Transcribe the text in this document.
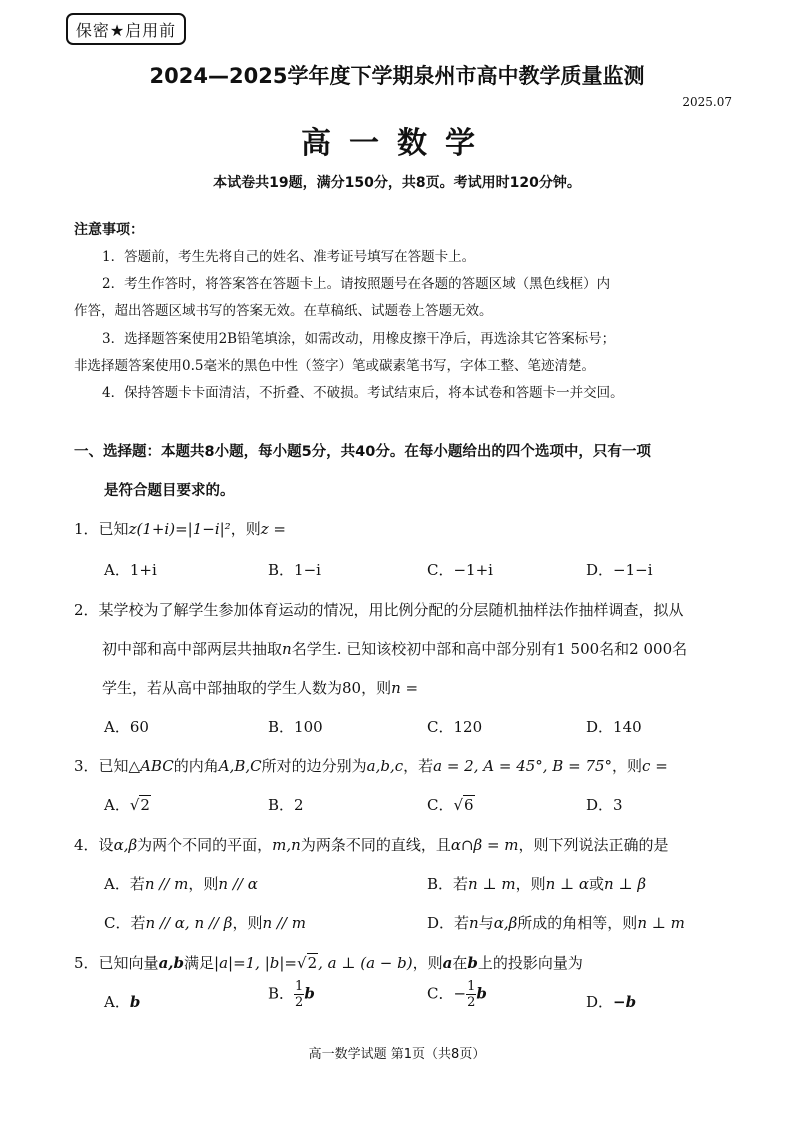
保密★启用前
2024—2025学年度下学期泉州市高中教学质量监测
2025.07
高一数学
本试卷共19题，满分150分，共8页。考试用时120分钟。
注意事项：
1．答题前，考生先将自己的姓名、准考证号填写在答题卡上。
2．考生作答时，将答案答在答题卡上。请按照题号在各题的答题区域（黑色线框）内
作答，超出答题区域书写的答案无效。在草稿纸、试题卷上答题无效。
3．选择题答案使用2B铅笔填涂，如需改动，用橡皮擦干净后，再选涂其它答案标号；
非选择题答案使用0.5毫米的黑色中性（签字）笔或碳素笔书写，字体工整、笔迹清楚。
4．保持答题卡卡面清洁，不折叠、不破损。考试结束后，将本试卷和答题卡一并交回。
一、选择题：本题共8小题，每小题5分，共40分。在每小题给出的四个选项中，只有一项
是符合题目要求的。
1．已知z(1+i)=|1−i|²，则z =
A．1+i	B．1−i	C．−1+i	D．−1−i
2．某学校为了解学生参加体育运动的情况，用比例分配的分层随机抽样法作抽样调查，拟从
初中部和高中部两层共抽取n名学生. 已知该校初中部和高中部分别有1 500名和2 000名
学生，若从高中部抽取的学生人数为80，则n =
A．60	B．100	C．120	D．140
3．已知△ABC的内角A,B,C所对的边分别为a,b,c，若a = 2, A = 45°, B = 75°，则c =
A．√2	B．2	C．√6	D．3
4．设α,β为两个不同的平面，m,n为两条不同的直线，且α∩β = m，则下列说法正确的是
A．若n // m，则n // α	B．若n ⊥ m，则n ⊥ α或n ⊥ β
C．若n // α, n // β，则n // m	D．若n与α,β所成的角相等，则n ⊥ m
5．已知向量a,b满足|a|=1, |b|=√2, a ⊥ (a − b)，则a在b上的投影向量为
A．b	B． $\frac{1}{2}$ b	C．− $\frac{1}{2}$ b	D．−b
高一数学试题 第1页（共8页）
